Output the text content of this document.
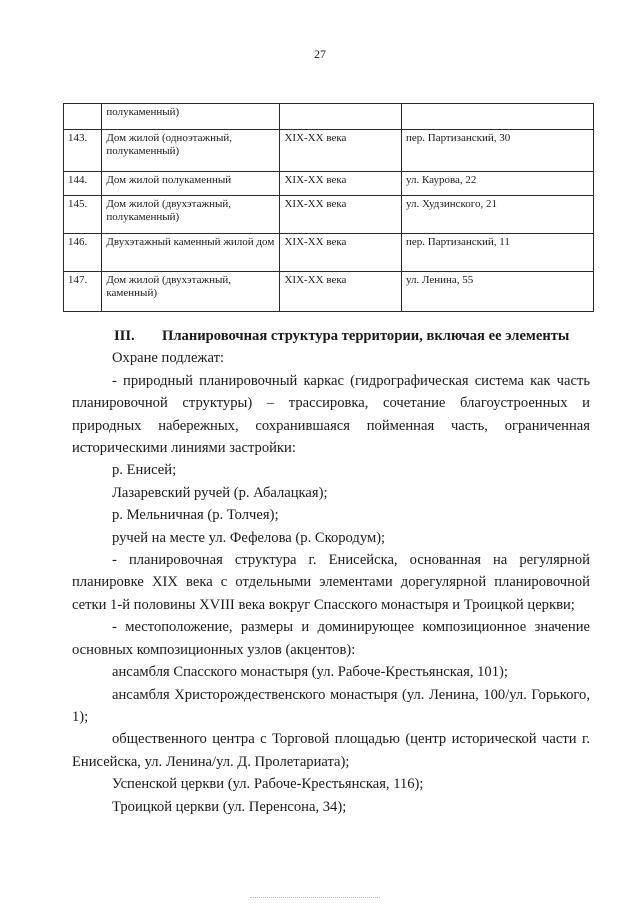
27
	полукаменный)		
143.	Дом жилой (одноэтажный, полукаменный)	XIX-XX века	пер. Партизанский, 30
144.	Дом жилой полукаменный	XIX-XX века	ул. Каурова, 22
145.	Дом жилой (двухэтажный, полукаменный)	XIX-XX века	ул. Худзинского, 21
146.	Двухэтажный каменный жилой дом	XIX-XX века	пер. Партизанский, 11
147.	Дом жилой (двухэтажный, каменный)	XIX-XX века	ул. Ленина, 55

III. Планировочная структура территории, включая ее элементы

Охране подлежат:

- природный планировочный каркас (гидрографическая система как часть планировочной структуры) – трассировка, сочетание благоустроенных и природных набережных, сохранившаяся пойменная часть, ограниченная историческими линиями застройки:

р. Енисей;

Лазаревский ручей (р. Абалацкая);

р. Мельничная (р. Толчея);

ручей на месте ул. Фефелова (р. Скородум);

- планировочная структура г. Енисейска, основанная на регулярной планировке XIX века с отдельными элементами дорегулярной планировочной сетки 1-й половины XVIII века вокруг Спасского монастыря и Троицкой церкви;

- местоположение, размеры и доминирующее композиционное значение основных композиционных узлов (акцентов):

ансамбля Спасского монастыря (ул. Рабоче-Крестьянская, 101);

ансамбля Христорождественского монастыря (ул. Ленина, 100/ул. Горького, 1);

общественного центра с Торговой площадью (центр исторической части г. Енисейска, ул. Ленина/ул. Д. Пролетариата);

Успенской церкви (ул. Рабоче-Крестьянская, 116);

Троицкой церкви (ул. Перенсона, 34);
